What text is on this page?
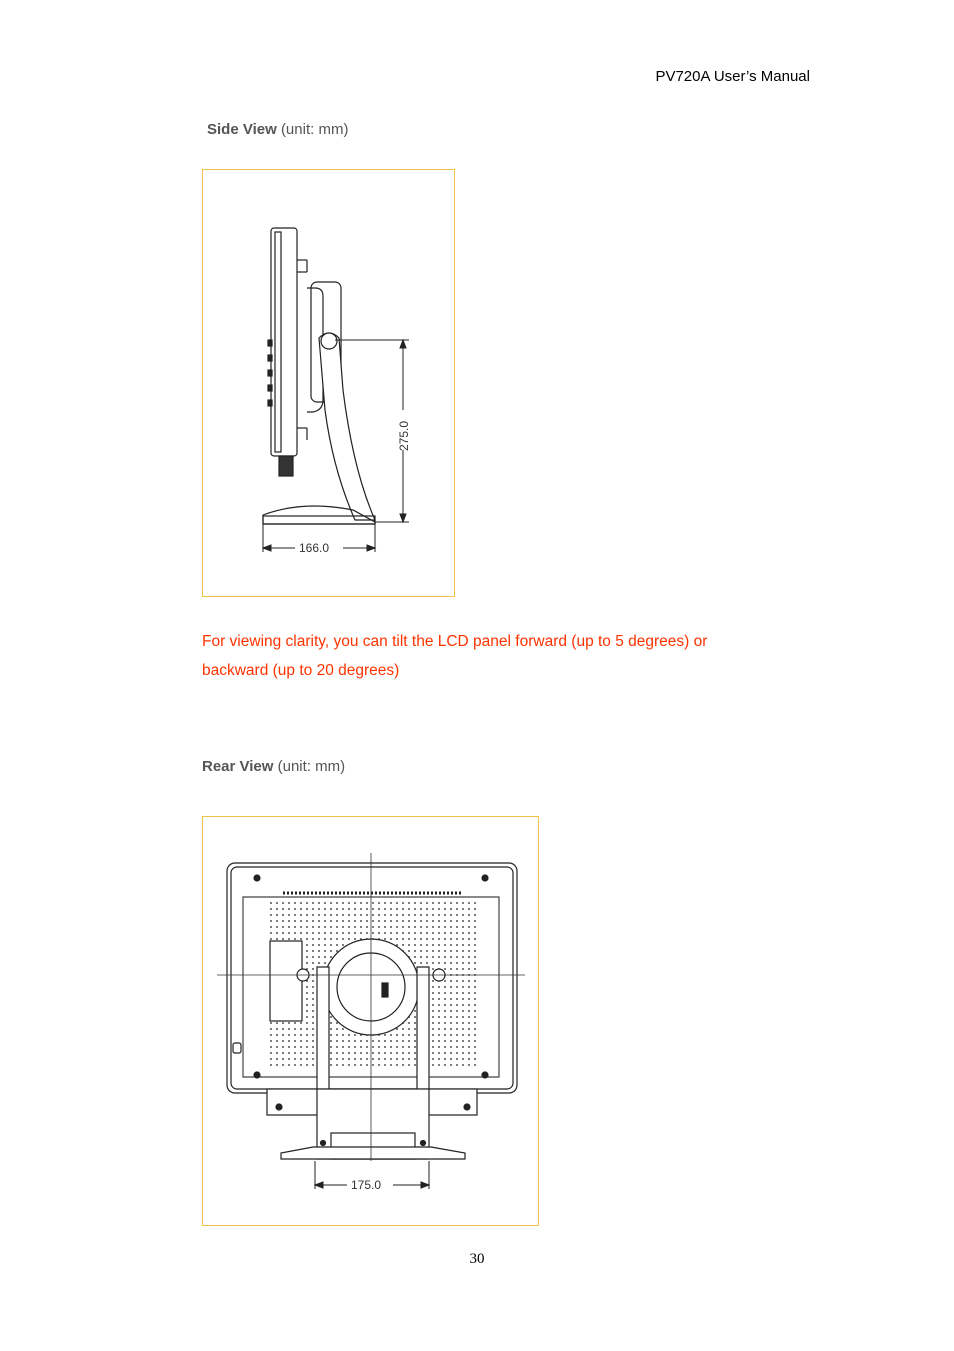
PV720A User’s Manual
Side View (unit: mm)
275.0
166.0
For viewing clarity, you can tilt the LCD panel forward (up to 5 degrees) or backward (up to 20 degrees)
Rear View (unit: mm)
175.0
30
